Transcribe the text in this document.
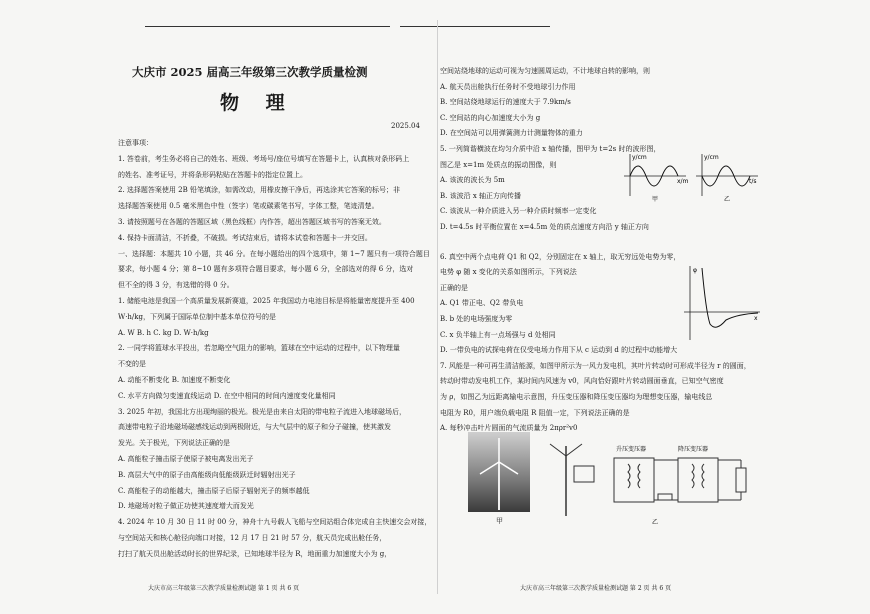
大庆市 2025 届高三年级第三次教学质量检测
物 理
2025.04
注意事项：
1. 答卷前，考生务必将自己的姓名、班级、考场号/座位号填写在答题卡上，认真核对条形码上
的姓名、准考证号，并将条形码粘贴在答题卡的指定位置上。
2. 选择题答案使用 2B 铅笔填涂，如需改动，用橡皮擦干净后，再选涂其它答案的标号；非
选择题答案使用 0.5 毫米黑色中性（签字）笔或碳素笔书写，字体工整，笔迹清楚。
3. 请按照题号在各题的答题区域（黑色线框）内作答，超出答题区域书写的答案无效。
4. 保持卡面清洁，不折叠，不破损。考试结束后，请将本试卷和答题卡一并交回。
一、选择题：本题共 10 小题，共 46 分。在每小题给出的四个选项中，第 1~7 题只有一项符合题目
要求，每小题 4 分；第 8~10 题有多项符合题目要求，每小题 6 分，全部选对的得 6 分，选对
但不全的得 3 分，有选错的得 0 分。
1. 储能电池是我国一个高质量发展新赛道，2025 年我国动力电池目标是将能量密度提升至 400
W·h/kg，下列属于国际单位制中基本单位符号的是
A. W B. h C. kg D. W·h/kg
2. 一同学将篮球水平投出，若忽略空气阻力的影响，篮球在空中运动的过程中，以下物理量
不变的是
A. 动能不断变化 B. 加速度不断变化
C. 水平方向做匀变速直线运动 D. 在空中相同的时间内速度变化量相同
3. 2025 年初，我国北方出现绚丽的极光。极光是由来自太阳的带电粒子流进入地球磁场后，
高速带电粒子沿地磁场磁感线运动到两极附近，与大气层中的原子和分子碰撞，使其激发
发光。关于极光，下列说法正确的是
A. 高能粒子撞击原子使原子被电离发出光子
B. 高层大气中的原子由高能级向低能级跃迁时辐射出光子
C. 高能粒子的动能越大，撞击原子后原子辐射光子的频率越低
D. 地磁场对粒子做正功使其速度增大而发光
4. 2024 年 10 月 30 日 11 时 00 分，神舟十九号载人飞船与空间站组合体完成自主快速交会对接，
与空间站天和核心舱径向端口对接，12 月 17 日 21 时 57 分，航天员完成出舱任务，
打扫了航天员出舱活动时长的世界纪录，已知地球半径为 R，地面重力加速度大小为 g，
大庆市高三年级第三次教学质量检测试题 第 1 页 共 6 页
空间站绕地球的运动可视为匀速圆周运动，不计地球自转的影响，则
A. 航天员出舱执行任务时不受地球引力作用
B. 空间站绕地球运行的速度大于 7.9km/s
C. 空间站的向心加速度大小为 g
D. 在空间站可以用弹簧测力计测量物体的重力
5. 一列简谐横波在均匀介质中沿 x 轴传播，图甲为 t=2s 时的波形图，
图乙是 x=1m 处质点的振动图像，则
A. 该波的波长为 5m
B. 该波沿 x 轴正方向传播
C. 该波从一种介质进入另一种介质时频率一定变化
D. t=4.5s 时平衡位置在 x=4.5m 处的质点速度方向沿 y 轴正方向
6. 真空中两个点电荷 Q1 和 Q2，分别固定在 x 轴上，取无穷远处电势为零，
电势 φ 随 x 变化的关系如图所示，下列说法
正确的是
A. Q1 带正电、Q2 带负电
B. b 处的电场强度为零
C. x 负半轴上有一点场强与 d 处相同
D. 一带负电的试探电荷在仅受电场力作用下从 c 运动到 d 的过程中动能增大
7. 风能是一种可再生清洁能源，如图甲所示为一风力发电机，其叶片转动时可形成半径为 r 的圆面，
转动时带动发电机工作，某时间内风速为 v0，风向恰好跟叶片转动圆面垂直，已知空气密度
为 ρ，如图乙为远距离输电示意图，升压变压器和降压变压器均为理想变压器，输电线总
电阻为 R0，用户端负载电阻 R 阻值一定，下列说法正确的是
A. 每秒冲击叶片圆面的气流质量为 2πρr²v0
y/cm
x/m
甲
y/cm
t/s
乙
φ
x
甲
升压变压器	降压变压器
乙
大庆市高三年级第三次教学质量检测试题 第 2 页 共 6 页
